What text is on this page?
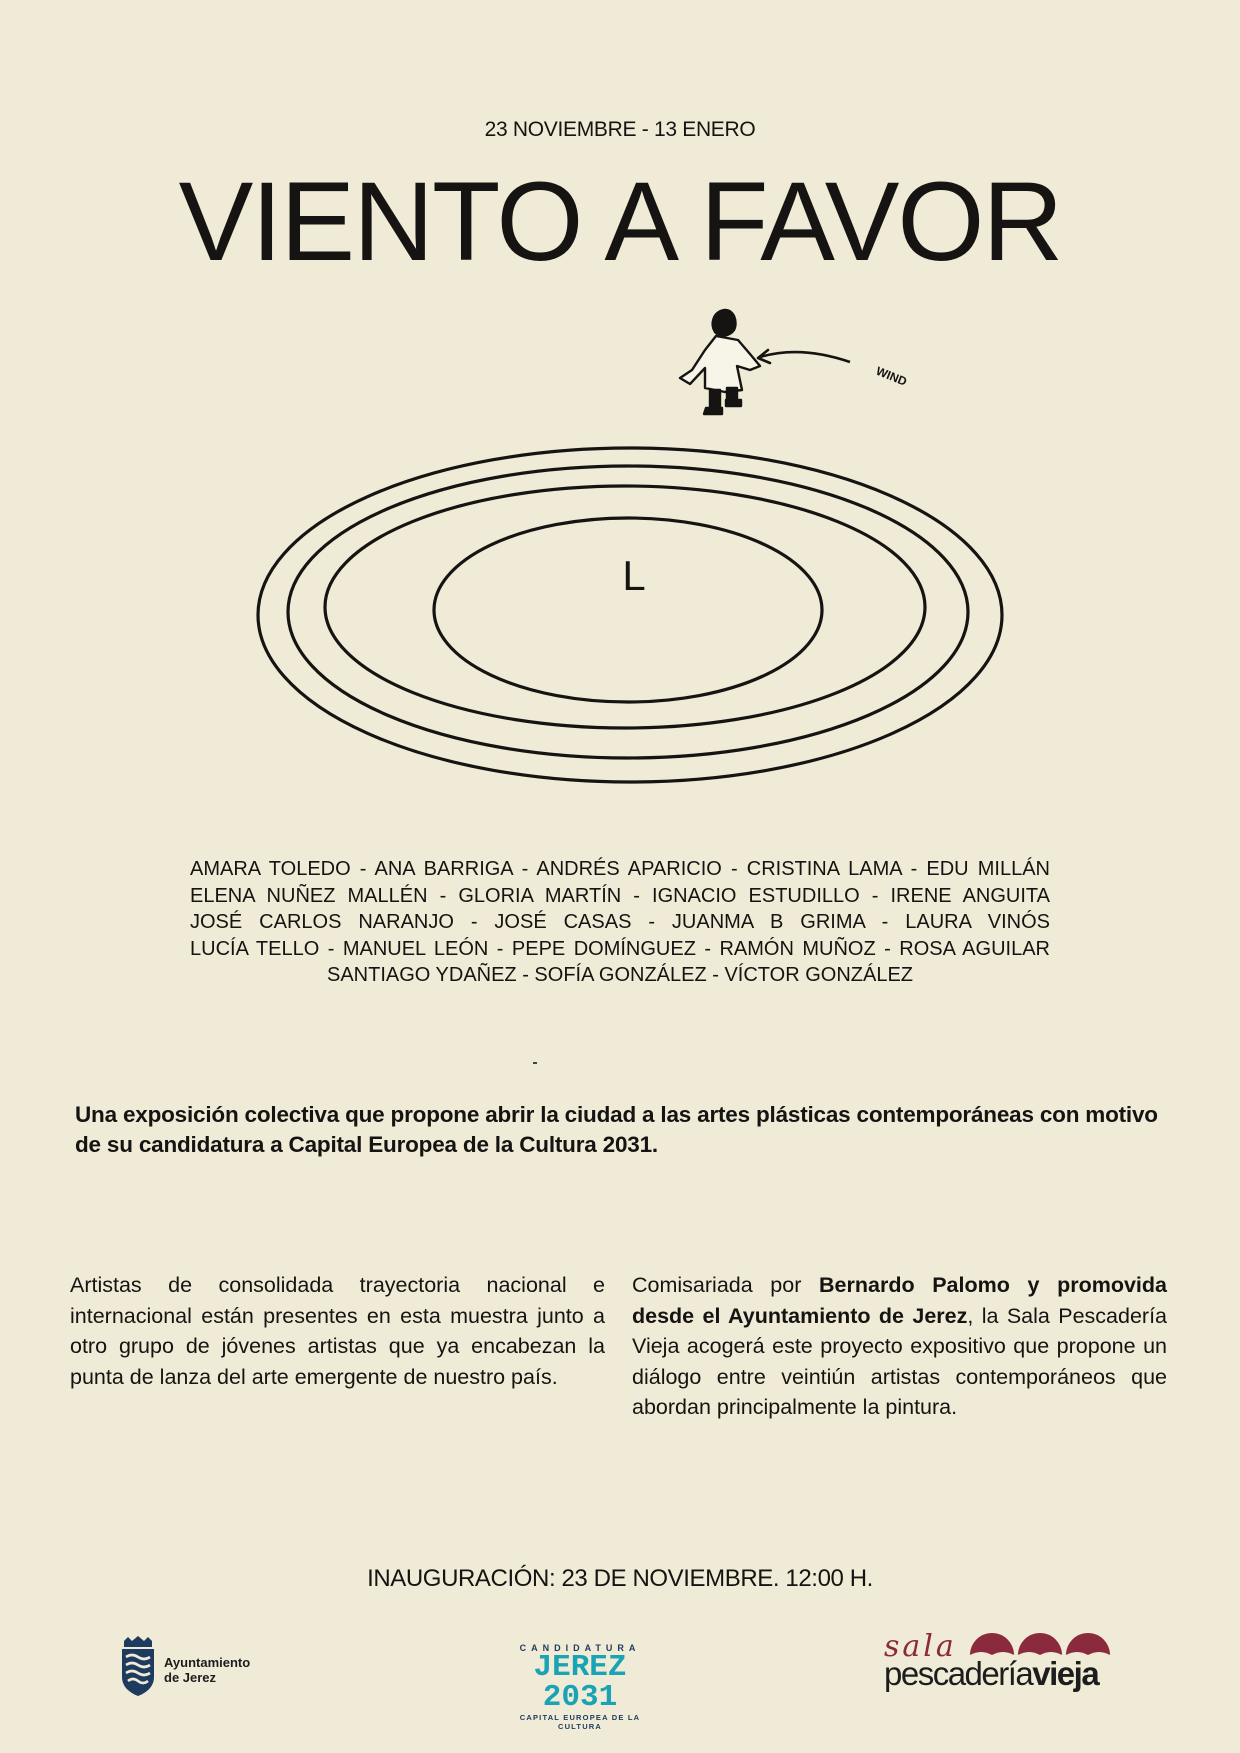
23 NOVIEMBRE - 13 ENERO
VIENTO A FAVOR
L
WIND
AMARA TOLEDO - ANA BARRIGA - ANDRÉS APARICIO - CRISTINA LAMA - EDU MILLÁN
ELENA NUÑEZ MALLÉN - GLORIA MARTÍN - IGNACIO ESTUDILLO - IRENE ANGUITA
JOSÉ CARLOS NARANJO - JOSÉ CASAS - JUANMA B GRIMA - LAURA VINÓS
LUCÍA TELLO - MANUEL LEÓN - PEPE DOMÍNGUEZ - RAMÓN MUÑOZ - ROSA AGUILAR
SANTIAGO YDAÑEZ - SOFÍA GONZÁLEZ - VÍCTOR GONZÁLEZ
Una exposición colectiva que propone abrir la ciudad a las artes plásticas contemporáneas con motivo de su candidatura a Capital Europea de la Cultura 2031.
Artistas de consolidada trayectoria nacional e internacional están presentes en esta muestra junto a otro grupo de jóvenes artistas que ya encabezan la punta de lanza del arte emergente de nuestro país.
Comisariada por Bernardo Palomo y promovida desde el Ayuntamiento de Jerez, la Sala Pescadería Vieja acogerá este proyecto expositivo que propone un diálogo entre veintiún artistas contemporáneos que abordan principalmente la pintura.
INAUGURACIÓN: 23 DE NOVIEMBRE. 12:00 H.
Ayuntamiento
de Jerez
CANDIDATURA
JEREZ 2031
CAPITAL EUROPEA DE LA CULTURA
sala
pescaderíavieja
